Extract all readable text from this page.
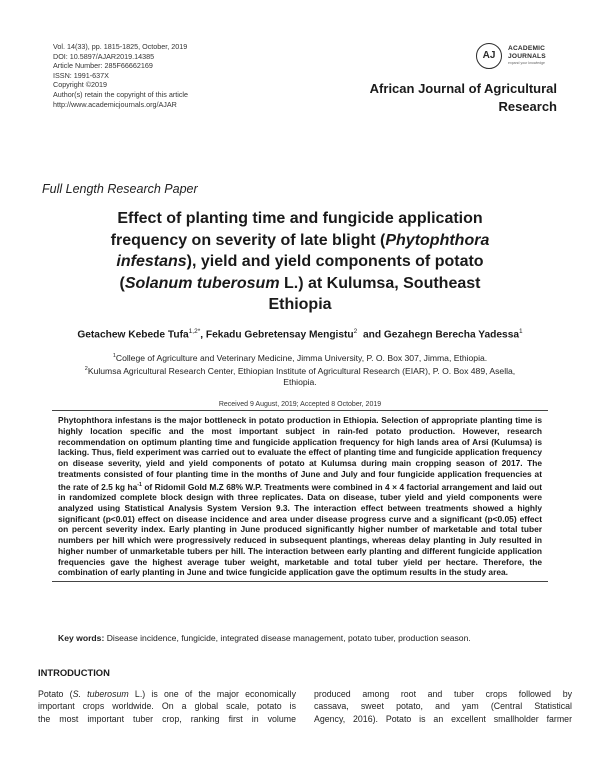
Vol. 14(33), pp. 1815-1825, October, 2019
DOI: 10.5897/AJAR2019.14385
Article Number: 285F66662169
ISSN: 1991-637X
Copyright ©2019
Author(s) retain the copyright of this article
http://www.academicjournals.org/AJAR
AJ
ACADEMIC
JOURNALS
expand your knowledge
African Journal of Agricultural
Research
Full Length Research Paper
Effect of planting time and fungicide application
frequency on severity of late blight (Phytophthora
infestans), yield and yield components of potato
(Solanum tuberosum L.) at Kulumsa, Southeast
Ethiopia
Getachew Kebede Tufa$^{1,2*}$, Fekadu Gebretensay Mengistu$^2$  and Gezahegn Berecha Yadessa$^1$
$^1$College of Agriculture and Veterinary Medicine, Jimma University, P. O. Box 307, Jimma, Ethiopia.
$^2$Kulumsa Agricultural Research Center, Ethiopian Institute of Agricultural Research (EIAR), P. O. Box 489, Asella,
Ethiopia.
Received 9 August, 2019; Accepted 8 October, 2019
Phytophthora infestans is the major bottleneck in potato production in Ethiopia. Selection of appropriate planting time is highly location specific and the most important subject in rain-fed potato production. However, research recommendation on optimum planting time and fungicide application frequency for high lands area of Arsi (Kulumsa) is lacking. Thus, field experiment was carried out to evaluate the effect of planting time and fungicide application frequency on disease severity, yield and yield components of potato at Kulumsa during main cropping season of 2017. The treatments consisted of four planting time in the months of June and July and four fungicide application frequencies at the rate of 2.5 kg $ha^{-1}$ of Ridomil Gold M.Z 68% W.P. Treatments were combined in 4 × 4 factorial arrangement and laid out in randomized complete block design with three replicates. Data on disease, tuber yield and yield components were analyzed using Statistical Analysis System Version 9.3. The interaction effect between treatments showed a highly significant (p<0.01) effect on disease incidence and area under disease progress curve and a significant (p<0.05) effect on percent severity index. Early planting in June produced significantly higher number of marketable and total tuber numbers per hill which were progressively reduced in subsequent plantings, whereas delay planting in July resulted in higher number of unmarketable tubers per hill. The interaction between early planting and different fungicide application frequencies gave the highest average tuber weight, marketable and total tuber yield per hectare. Therefore, the combination of early planting in June and twice fungicide application gave the optimum results in the study area.
Key words: Disease incidence, fungicide, integrated disease management, potato tuber, production season.
INTRODUCTION
Potato (S. tuberosum L.) is one of the major economically
important crops worldwide. On a global scale, potato is
the most important tuber crop, ranking first in volume
produced among root and tuber crops followed by
cassava, sweet potato, and yam (Central Statistical
Agency, 2016). Potato is an excellent smallholder farmer
